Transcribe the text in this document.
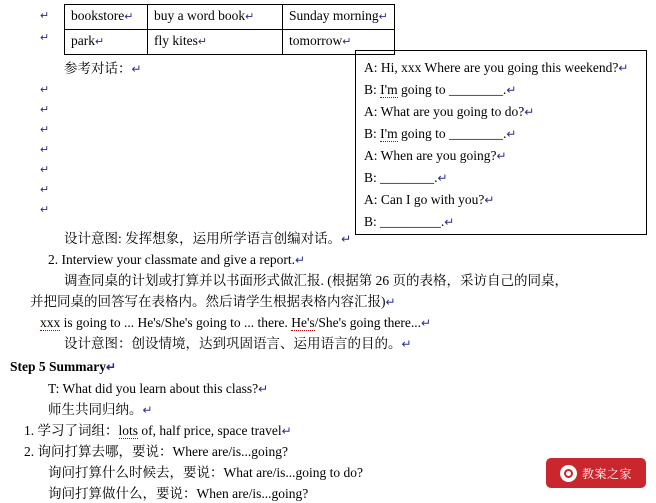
↵
↵
bookstore↵	buy a word book↵	Sunday morning↵
park↵	fly kites↵	tomorrow↵
参考对话：↵
↵
↵
↵
↵
↵
↵
↵
A: Hi, xxx Where are you going this weekend?↵
B: I'm going to ________.↵
A: What are you going to do?↵
B: I'm going to ________.↵
A: When are you going?↵
B: ________.↵
A: Can I go with you?↵
B: _________.↵
设计意图: 发挥想象，运用所学语言创编对话。↵
2. Interview your classmate and give a report.↵
调查同桌的计划或打算并以书面形式做汇报. (根据第 26 页的表格，采访自己的同桌，
并把同桌的回答写在表格内。然后请学生根据表格内容汇报)↵
xxx is going to ... He's/She's going to ... there. He's/She's going there...↵
设计意图：创设情境，达到巩固语言、运用语言的目的。↵
Step 5 Summary↵
T: What did you learn about this class?↵
师生共同归纳。↵
1. 学习了词组：lots of, half price, space travel↵
2. 询问打算去哪，要说：Where are/is...going?
询问打算什么时候去，要说：What are/is...going to do?
询问打算做什么，要说：When are/is...going?
教案之家
